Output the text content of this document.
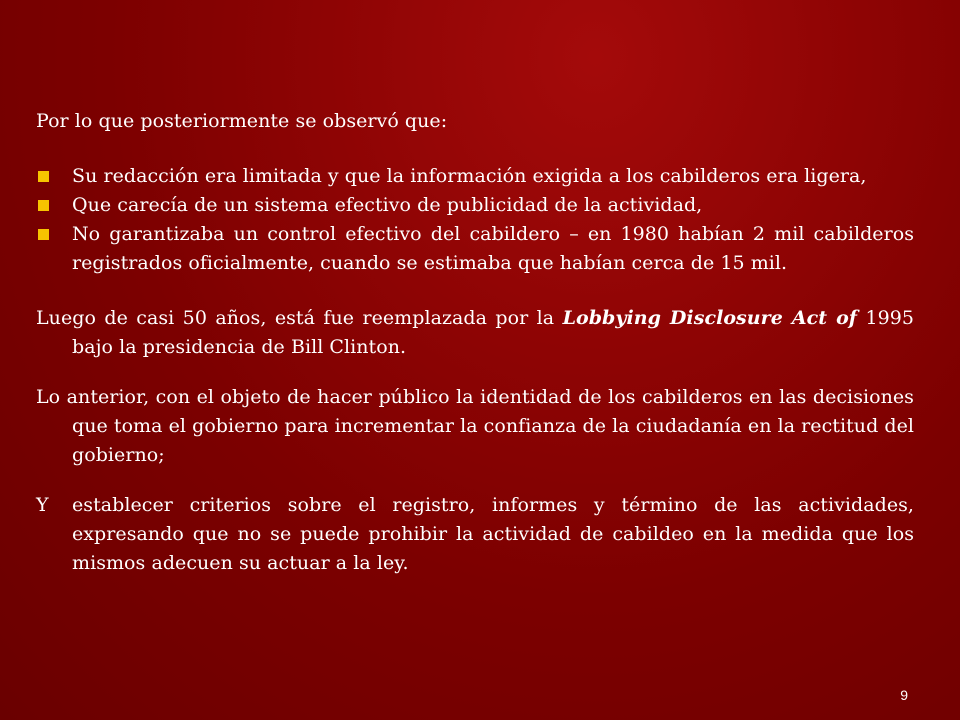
Por lo que posteriormente se observó que:

Su redacción era limitada y que la información exigida a los cabilderos era ligera,
Que carecía de un sistema efectivo de publicidad de la actividad,
No garantizaba un control efectivo del cabildero – en 1980 habían 2 mil cabilderos registrados oficialmente, cuando se estimaba que habían cerca de 15 mil.

Luego de casi 50 años, está fue reemplazada por la Lobbying Disclosure Act of 1995 bajo la presidencia de Bill Clinton.

Lo anterior, con el objeto de hacer público la identidad de los cabilderos en las decisiones que toma el gobierno para incrementar la confianza de la ciudadanía en la rectitud del gobierno;

Y establecer criterios sobre el registro, informes y término de las actividades, expresando que no se puede prohibir la actividad de cabildeo en la medida que los mismos adecuen su actuar a la ley.

9
